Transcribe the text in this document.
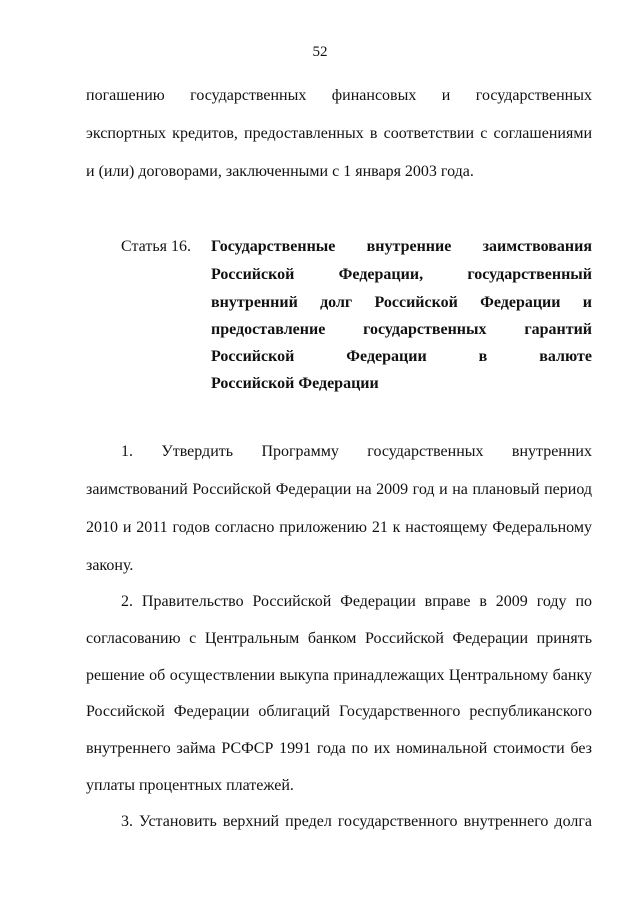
52
погашению государственных финансовых и государственных
экспортных кредитов, предоставленных в соответствии с соглашениями
и (или) договорами, заключенными с 1 января 2003 года.
Статья 16. Государственные внутренние заимствования
Российской Федерации, государственный
внутренний долг Российской Федерации и
предоставление государственных гарантий
Российской Федерации в валюте
Российской Федерации
1. Утвердить Программу государственных внутренних
заимствований Российской Федерации на 2009 год и на плановый период
2010 и 2011 годов согласно приложению 21 к настоящему Федеральному
закону.
2. Правительство Российской Федерации вправе в 2009 году по
согласованию с Центральным банком Российской Федерации принять
решение об осуществлении выкупа принадлежащих Центральному банку
Российской Федерации облигаций Государственного республиканского
внутреннего займа РСФСР 1991 года по их номинальной стоимости без
уплаты процентных платежей.
3. Установить верхний предел государственного внутреннего долга
